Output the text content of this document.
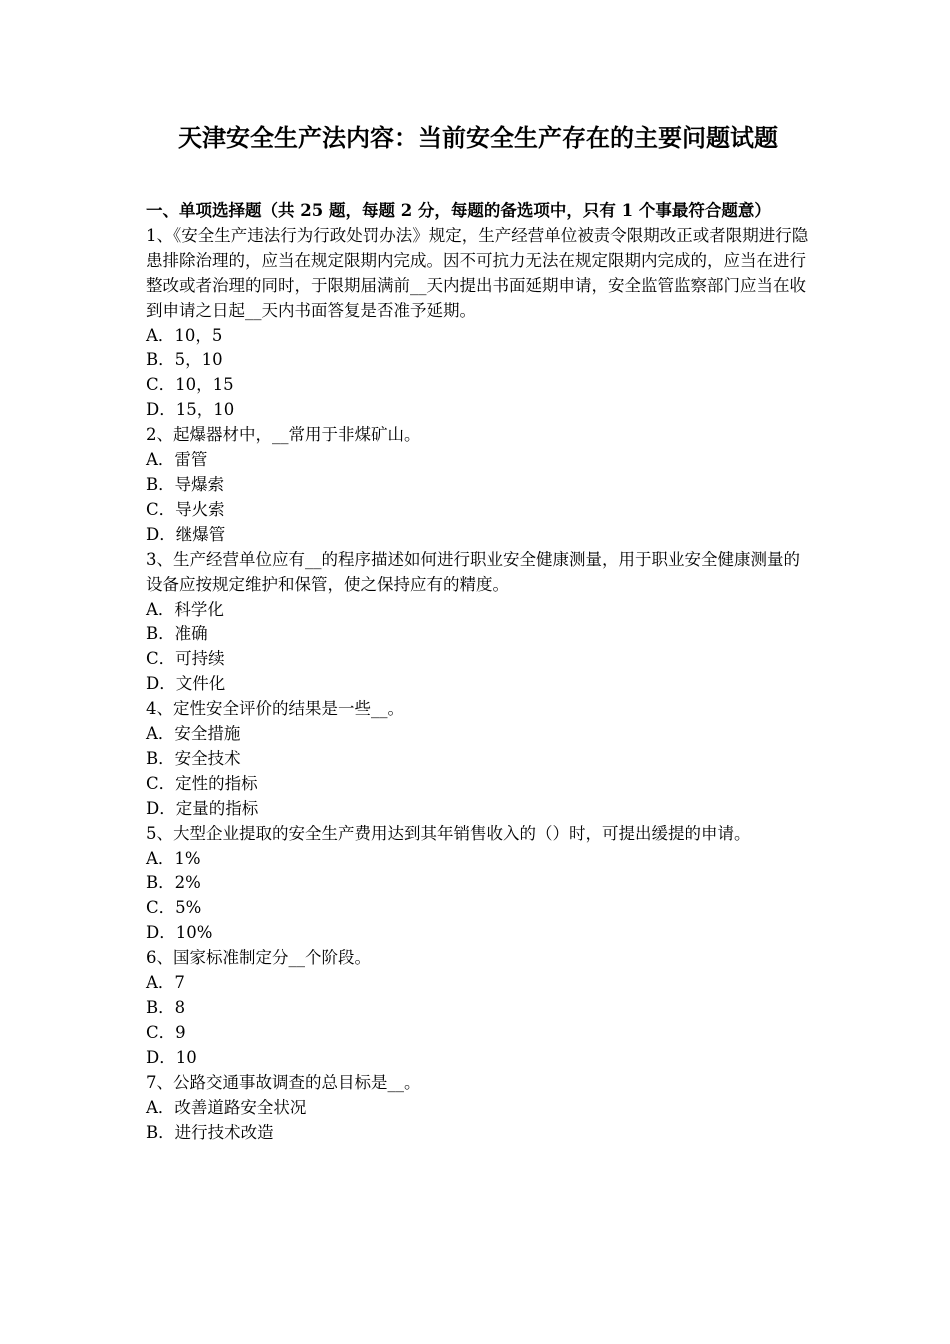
天津安全生产法内容：当前安全生产存在的主要问题试题
一、单项选择题（共 25 题，每题 2 分，每题的备选项中，只有 1 个事最符合题意）

1、《安全生产违法行为行政处罚办法》规定，生产经营单位被责令限期改正或者限期进行隐患排除治理的，应当在规定限期内完成。因不可抗力无法在规定限期内完成的，应当在进行整改或者治理的同时，于限期届满前__天内提出书面延期申请，安全监管监察部门应当在收到申请之日起__天内书面答复是否准予延期。

A．10，5

B．5，10

C．10，15

D．15，10

2、起爆器材中，__常用于非煤矿山。

A．雷管

B．导爆索

C．导火索

D．继爆管

3、生产经营单位应有__的程序描述如何进行职业安全健康测量，用于职业安全健康测量的设备应按规定维护和保管，使之保持应有的精度。

A．科学化

B．准确

C．可持续

D．文件化

4、定性安全评价的结果是一些__。

A．安全措施

B．安全技术

C．定性的指标

D．定量的指标

5、大型企业提取的安全生产费用达到其年销售收入的（）时，可提出缓提的申请。

A．1%

B．2%

C．5%

D．10%

6、国家标准制定分__个阶段。

A．7

B．8

C．9

D．10

7、公路交通事故调查的总目标是__。

A．改善道路安全状况

B．进行技术改造
